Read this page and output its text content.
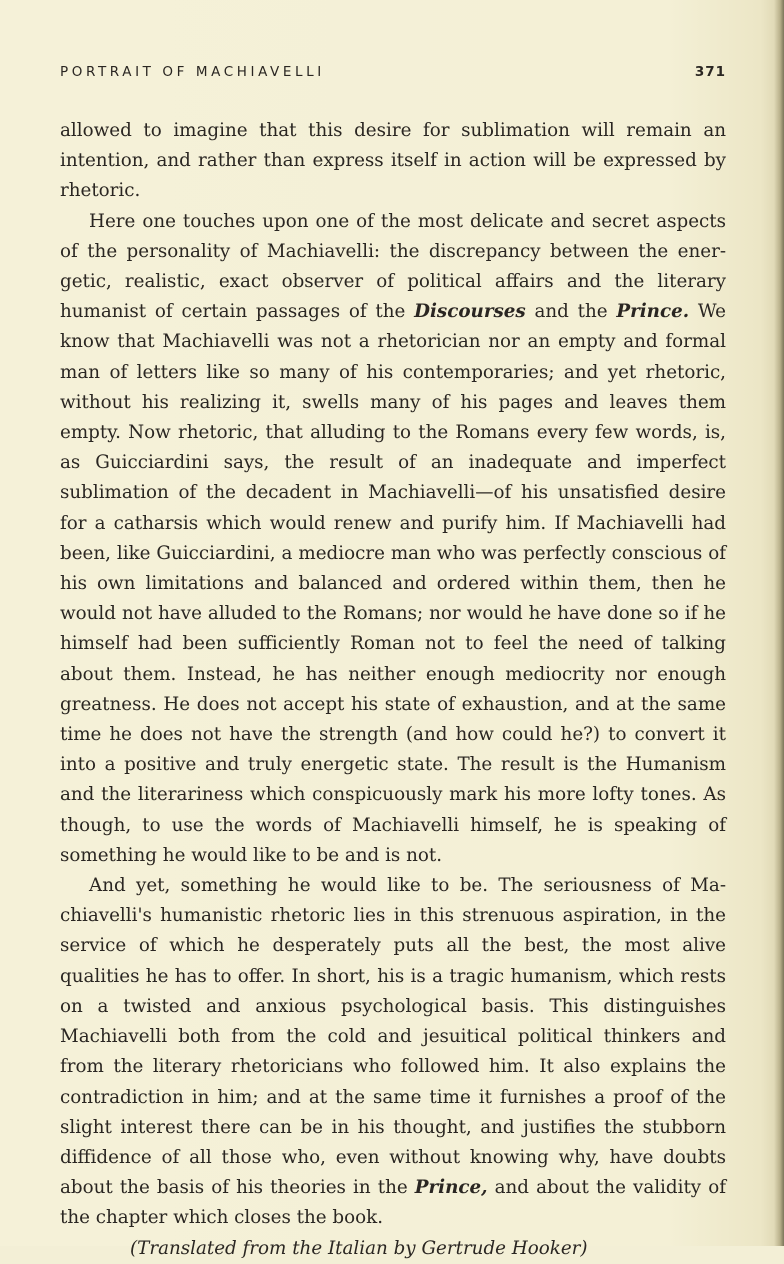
PORTRAIT OF MACHIAVELLI	371

allowed to imagine that this desire for sublimation will remain an intention, and rather than express itself in action will be expressed by rhetoric.

Here one touches upon one of the most delicate and secret aspects of the personality of Machiavelli: the discrepancy between the energetic, realistic, exact observer of political affairs and the literary humanist of certain passages of the Discourses and the Prince. We know that Machiavelli was not a rhetorician nor an empty and formal man of letters like so many of his contemporaries; and yet rhetoric, without his realizing it, swells many of his pages and leaves them empty. Now rhetoric, that alluding to the Romans every few words, is, as Guicciardini says, the result of an inadequate and imperfect sublimation of the decadent in Machiavelli—of his unsatisfied desire for a catharsis which would renew and purify him. If Machiavelli had been, like Guicciardini, a mediocre man who was perfectly conscious of his own limitations and balanced and ordered within them, then he would not have alluded to the Romans; nor would he have done so if he himself had been sufficiently Roman not to feel the need of talking about them. Instead, he has neither enough mediocrity nor enough greatness. He does not accept his state of exhaustion, and at the same time he does not have the strength (and how could he?) to convert it into a positive and truly energetic state. The result is the Humanism and the literariness which conspicuously mark his more lofty tones. As though, to use the words of Machiavelli himself, he is speaking of something he would like to be and is not.

And yet, something he would like to be. The seriousness of Machiavelli's humanistic rhetoric lies in this strenuous aspiration, in the service of which he desperately puts all the best, the most alive qualities he has to offer. In short, his is a tragic humanism, which rests on a twisted and anxious psychological basis. This distinguishes Machiavelli both from the cold and jesuitical political thinkers and from the literary rhetoricians who followed him. It also explains the contradiction in him; and at the same time it furnishes a proof of the slight interest there can be in his thought, and justifies the stubborn diffidence of all those who, even without knowing why, have doubts about the basis of his theories in the Prince, and about the validity of the chapter which closes the book.

(Translated from the Italian by Gertrude Hooker)
